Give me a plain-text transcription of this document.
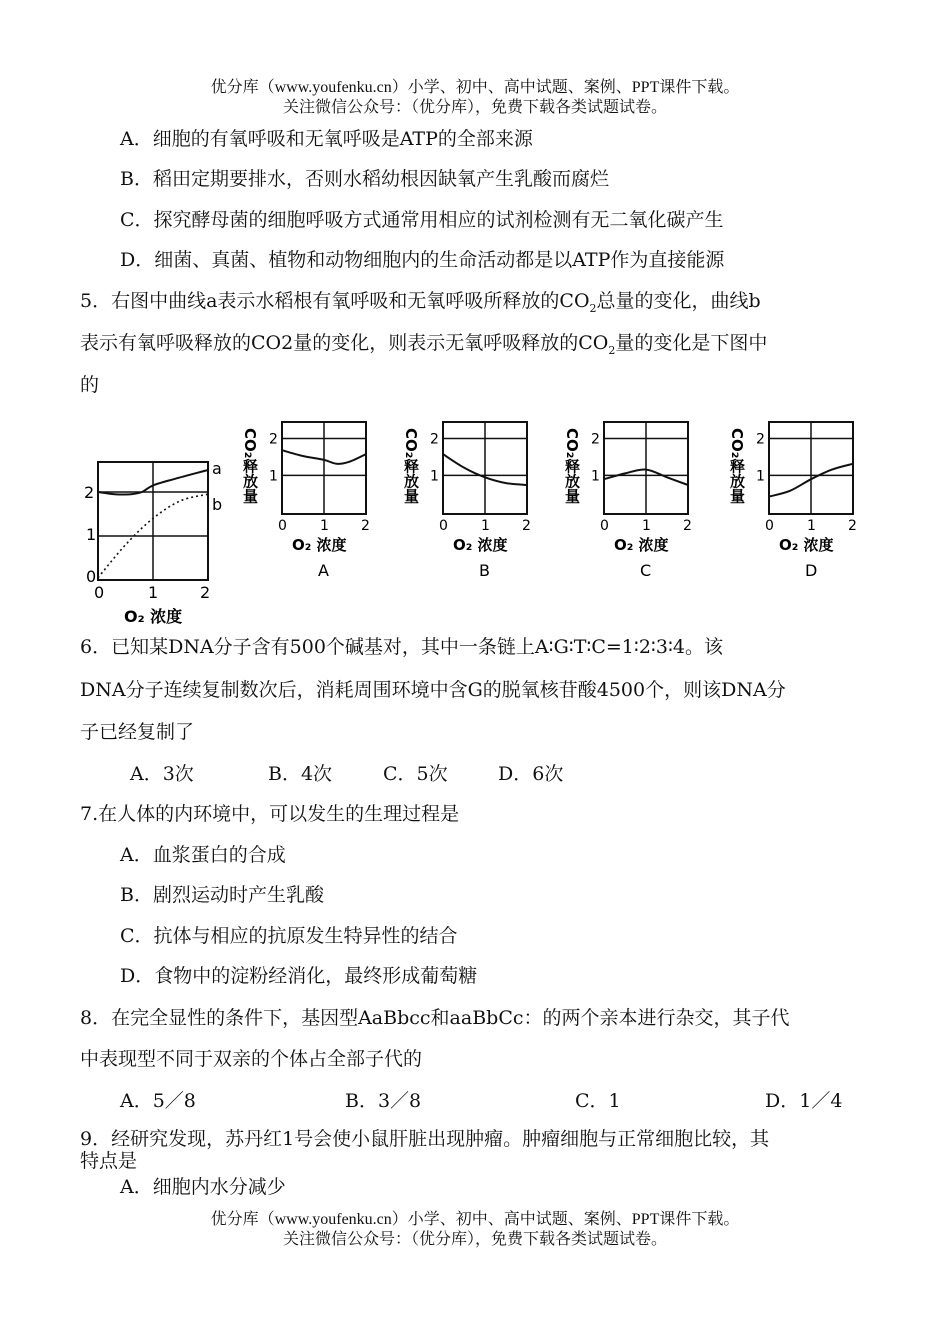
优分库（www.youfenku.cn）小学、初中、高中试题、案例、PPT课件下载。
关注微信公众号：（优分库），免费下载各类试题试卷。
A．细胞的有氧呼吸和无氧呼吸是ATP的全部来源
B．稻田定期要排水，否则水稻幼根因缺氧产生乳酸而腐烂
C．探究酵母菌的细胞呼吸方式通常用相应的试剂检测有无二氧化碳产生
D．细菌、真菌、植物和动物细胞内的生命活动都是以ATP作为直接能源
5．右图中曲线a表示水稻根有氧呼吸和无氧呼吸所释放的$CO_2$总量的变化，曲线b
表示有氧呼吸释放的CO2量的变化，则表示无氧呼吸释放的$CO_2$量的变化是下图中
的
a
b
2
1
0
0	1	2
O₂ 浓度
CO₂释放量 2
1
0 1 2
O₂ 浓度
A
CO₂释放量 2
1
0 1 2
O₂ 浓度
B
CO₂释放量 2
1
0 1 2
O₂ 浓度
C
CO₂释放量 2
1
0 1 2
O₂ 浓度
D
6．已知某DNA分子含有500个碱基对，其中一条链上A∶G∶T∶C=1∶2∶3∶4。该
DNA分子连续复制数次后，消耗周围环境中含G的脱氧核苷酸4500个，则该DNA分
子已经复制了
A．3次	B．4次	C．5次	D．6次
7.在人体的内环境中，可以发生的生理过程是
A．血浆蛋白的合成
B．剧烈运动时产生乳酸
C．抗体与相应的抗原发生特异性的结合
D．食物中的淀粉经消化，最终形成葡萄糖
8．在完全显性的条件下，基因型AaBbcc和aaBbCc：的两个亲本进行杂交，其子代
中表现型不同于双亲的个体占全部子代的
A．5／8	B．3／8	C．1	D．1／4
9．经研究发现，苏丹红1号会使小鼠肝脏出现肿瘤。肿瘤细胞与正常细胞比较，其
特点是
A．细胞内水分减少
优分库（www.youfenku.cn）小学、初中、高中试题、案例、PPT课件下载。
关注微信公众号：（优分库），免费下载各类试题试卷。
